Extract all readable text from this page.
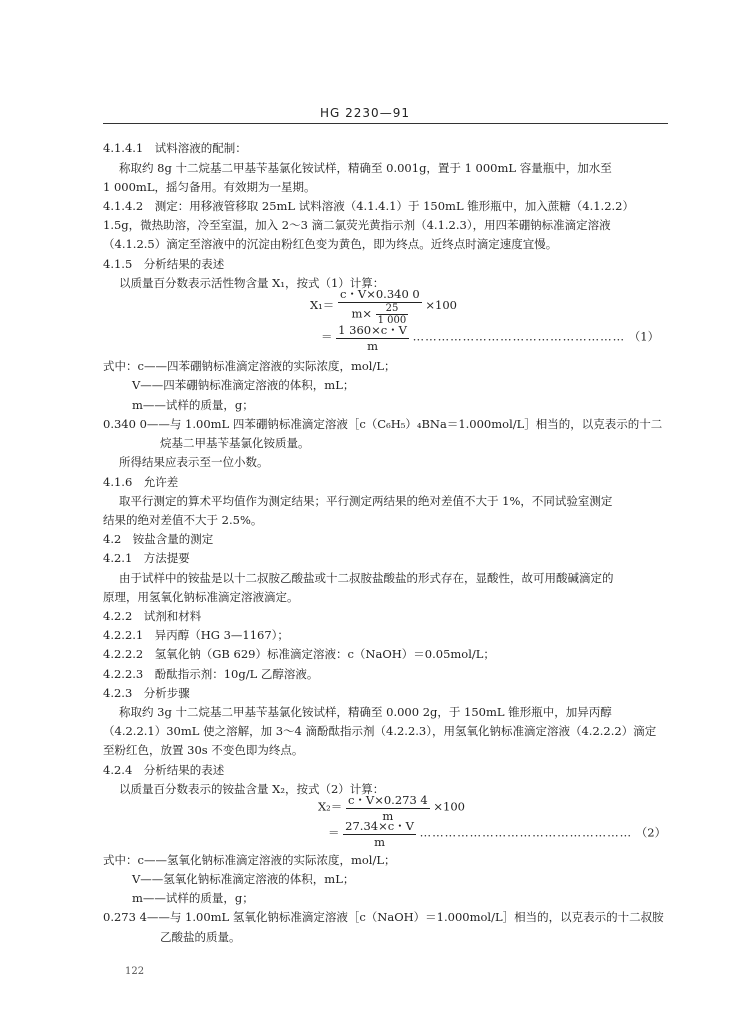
HG 2230—91
4.1.4.1　试料溶液的配制：
称取约 8g 十二烷基二甲基苄基氯化铵试样，精确至 0.001g，置于 1 000mL 容量瓶中，加水至
1 000mL，摇匀备用。有效期为一星期。
4.1.4.2　测定：用移液管移取 25mL 试料溶液（4.1.4.1）于 150mL 锥形瓶中，加入蔗糖（4.1.2.2）
1.5g，微热助溶，冷至室温，加入 2～3 滴二氯荧光黄指示剂（4.1.2.3），用四苯硼钠标准滴定溶液
（4.1.2.5）滴定至溶液中的沉淀由粉红色变为黄色，即为终点。近终点时滴定速度宜慢。
4.1.5　分析结果的表述
以质量百分数表示活性物含量 X₁，按式（1）计算：
$X_1= \frac{c・V\times 0.340 0}{m\times \frac{25}{1 000}} \times 100$
＝ $\frac{1 360\times c・V}{m}$ …………………………………………… （1）
式中：c——四苯硼钠标准滴定溶液的实际浓度，mol/L；
V——四苯硼钠标准滴定溶液的体积，mL；
m——试样的质量，g；
0.340 0——与 1.00mL 四苯硼钠标准滴定溶液［c（C₆H₅）₄BNa＝1.000mol/L］相当的，以克表示的十二
烷基二甲基苄基氯化铵质量。
所得结果应表示至一位小数。
4.1.6　允许差
取平行测定的算术平均值作为测定结果；平行测定两结果的绝对差值不大于 1%，不同试验室测定
结果的绝对差值不大于 2.5%。
4.2　铵盐含量的测定
4.2.1　方法提要
由于试样中的铵盐是以十二叔胺乙酸盐或十二叔胺盐酸盐的形式存在，显酸性，故可用酸碱滴定的
原理，用氢氧化钠标准滴定溶液滴定。
4.2.2　试剂和材料
4.2.2.1　异丙醇（HG 3—1167）；
4.2.2.2　氢氧化钠（GB 629）标准滴定溶液：c（NaOH）＝0.05mol/L；
4.2.2.3　酚酞指示剂：10g/L 乙醇溶液。
4.2.3　分析步骤
称取约 3g 十二烷基二甲基苄基氯化铵试样，精确至 0.000 2g，于 150mL 锥形瓶中，加异丙醇
（4.2.2.1）30mL 使之溶解，加 3～4 滴酚酞指示剂（4.2.2.3），用氢氧化钠标准滴定溶液（4.2.2.2）滴定
至粉红色，放置 30s 不变色即为终点。
4.2.4　分析结果的表述
以质量百分数表示的铵盐含量 X₂，按式（2）计算：
$X_2= \frac{c・V\times 0.273 4}{m} \times 100$
＝ $\frac{27.34\times c・V}{m}$ …………………………………………… （2）
式中：c——氢氧化钠标准滴定溶液的实际浓度，mol/L；
V——氢氧化钠标准滴定溶液的体积，mL；
m——试样的质量，g；
0.273 4——与 1.00mL 氢氧化钠标准滴定溶液［c（NaOH）＝1.000mol/L］相当的，以克表示的十二叔胺
乙酸盐的质量。
122
